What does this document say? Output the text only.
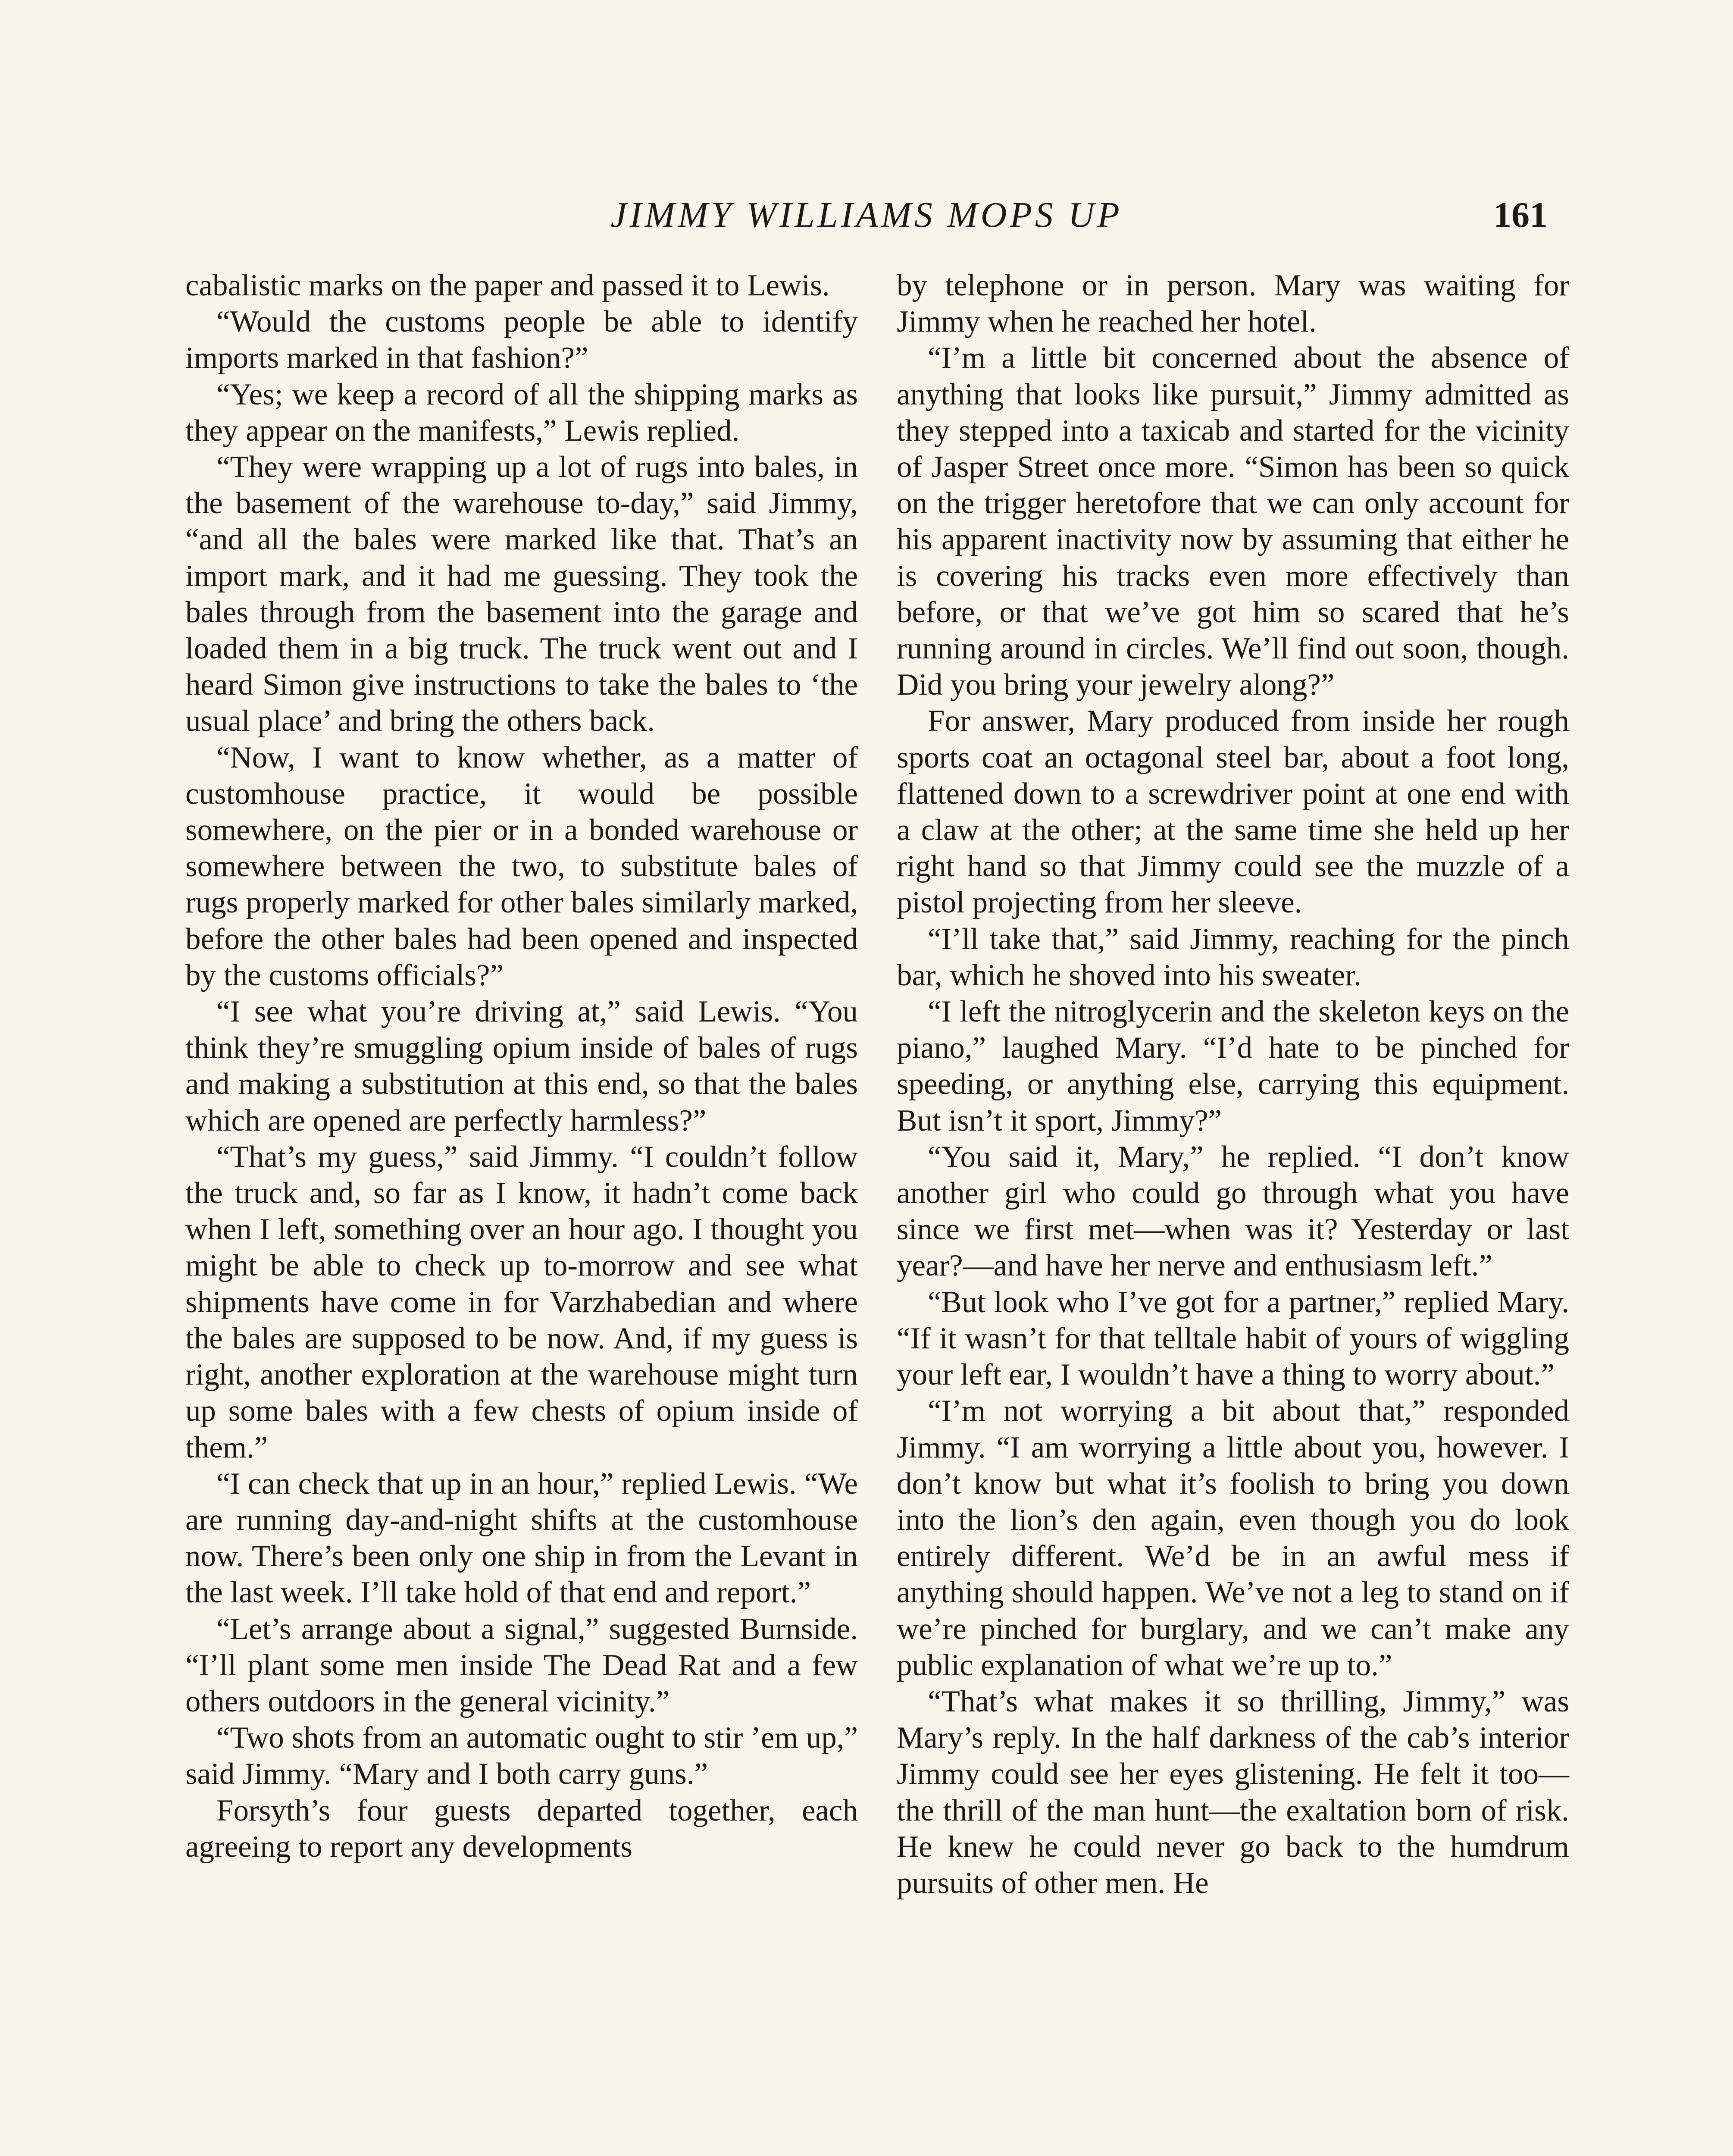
JIMMY WILLIAMS MOPS UP	161

cabalistic marks on the paper and passed it to Lewis.

“Would the customs people be able to identify imports marked in that fashion?”

“Yes; we keep a record of all the shipping marks as they appear on the manifests,” Lewis replied.

“They were wrapping up a lot of rugs into bales, in the basement of the warehouse to-day,” said Jimmy, “and all the bales were marked like that. That’s an import mark, and it had me guessing. They took the bales through from the basement into the garage and loaded them in a big truck. The truck went out and I heard Simon give instructions to take the bales to ‘the usual place’ and bring the others back.

“Now, I want to know whether, as a matter of customhouse practice, it would be possible somewhere, on the pier or in a bonded warehouse or somewhere between the two, to substitute bales of rugs properly marked for other bales similarly marked, before the other bales had been opened and inspected by the customs officials?”

“I see what you’re driving at,” said Lewis. “You think they’re smuggling opium inside of bales of rugs and making a substitution at this end, so that the bales which are opened are perfectly harmless?”

“That’s my guess,” said Jimmy. “I couldn’t follow the truck and, so far as I know, it hadn’t come back when I left, something over an hour ago. I thought you might be able to check up to-morrow and see what shipments have come in for Varzhabedian and where the bales are supposed to be now. And, if my guess is right, another exploration at the warehouse might turn up some bales with a few chests of opium inside of them.”

“I can check that up in an hour,” replied Lewis. “We are running day-and-night shifts at the customhouse now. There’s been only one ship in from the Levant in the last week. I’ll take hold of that end and report.”

“Let’s arrange about a signal,” suggested Burnside. “I’ll plant some men inside The Dead Rat and a few others outdoors in the general vicinity.”

“Two shots from an automatic ought to stir ’em up,” said Jimmy. “Mary and I both carry guns.”

Forsyth’s four guests departed together, each agreeing to report any developments

by telephone or in person. Mary was waiting for Jimmy when he reached her hotel.

“I’m a little bit concerned about the absence of anything that looks like pursuit,” Jimmy admitted as they stepped into a taxicab and started for the vicinity of Jasper Street once more. “Simon has been so quick on the trigger heretofore that we can only account for his apparent inactivity now by assuming that either he is covering his tracks even more effectively than before, or that we’ve got him so scared that he’s running around in circles. We’ll find out soon, though. Did you bring your jewelry along?”

For answer, Mary produced from inside her rough sports coat an octagonal steel bar, about a foot long, flattened down to a screwdriver point at one end with a claw at the other; at the same time she held up her right hand so that Jimmy could see the muzzle of a pistol projecting from her sleeve.

“I’ll take that,” said Jimmy, reaching for the pinch bar, which he shoved into his sweater.

“I left the nitroglycerin and the skeleton keys on the piano,” laughed Mary. “I’d hate to be pinched for speeding, or anything else, carrying this equipment. But isn’t it sport, Jimmy?”

“You said it, Mary,” he replied. “I don’t know another girl who could go through what you have since we first met—when was it? Yesterday or last year?—and have her nerve and enthusiasm left.”

“But look who I’ve got for a partner,” replied Mary. “If it wasn’t for that telltale habit of yours of wiggling your left ear, I wouldn’t have a thing to worry about.”

“I’m not worrying a bit about that,” responded Jimmy. “I am worrying a little about you, however. I don’t know but what it’s foolish to bring you down into the lion’s den again, even though you do look entirely different. We’d be in an awful mess if anything should happen. We’ve not a leg to stand on if we’re pinched for burglary, and we can’t make any public explanation of what we’re up to.”

“That’s what makes it so thrilling, Jimmy,” was Mary’s reply. In the half darkness of the cab’s interior Jimmy could see her eyes glistening. He felt it too—the thrill of the man hunt—the exaltation born of risk. He knew he could never go back to the humdrum pursuits of other men. He
